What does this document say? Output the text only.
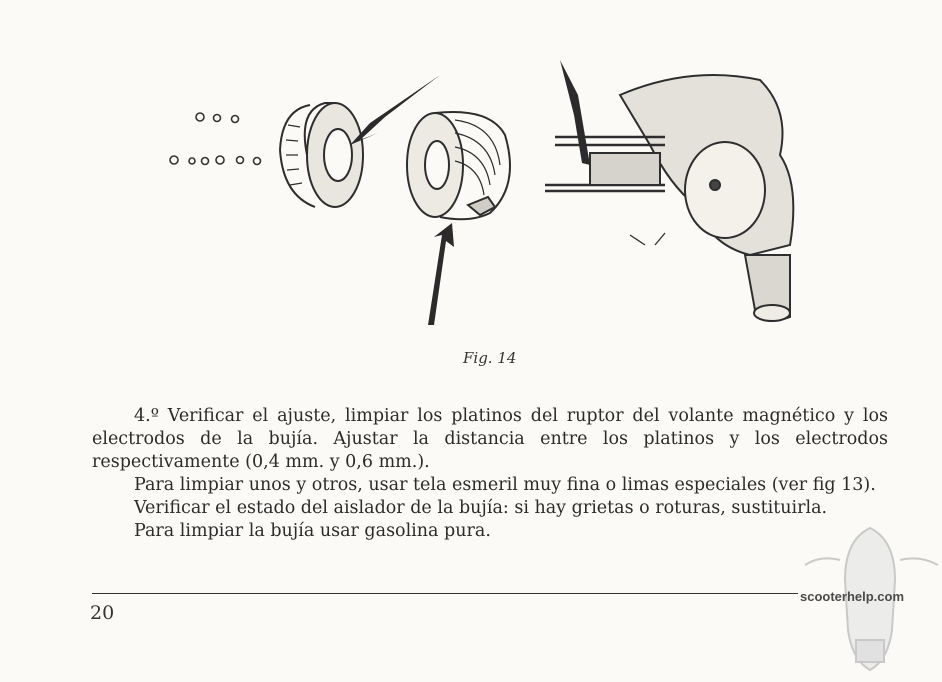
Fig. 14

4.º Verificar el ajuste, limpiar los platinos del ruptor del volante magnético y los electrodos de la bujía. Ajustar la distancia entre los platinos y los electrodos respectivamente (0,4 mm. y 0,6 mm.).

Para limpiar unos y otros, usar tela esmeril muy fina o limas especiales (ver fig 13).

Verificar el estado del aislador de la bujía: si hay grietas o roturas, sustituirla.

Para limpiar la bujía usar gasolina pura.

20
scooterhelp.com
